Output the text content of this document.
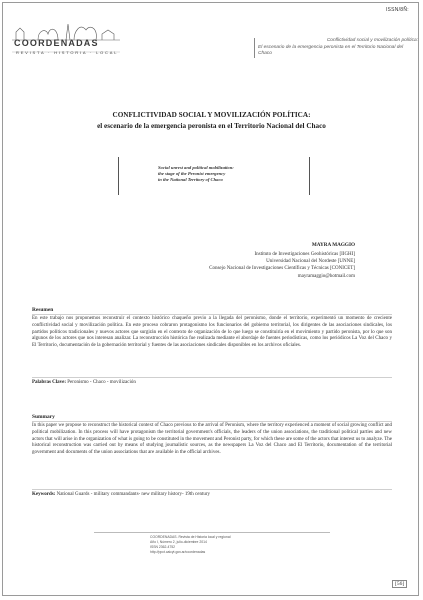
ISSN/8Ñ:
COORDENADAS
REVISTA · HISTORIA · LOCAL
Conflictividad social y movilización política:
El escenario de la emergencia peronista en el Territorio Nacional del Chaco
CONFLICTIVIDAD SOCIAL Y MOVILIZACIÓN POLÍTICA:
el escenario de la emergencia peronista en el Territorio Nacional del Chaco
Social unrest and political mobilization:
the stage of the Peronist emergency
in the National Territory of Chaco
MAYRA MAGGIO
Instituto de Investigaciones Geohistóricas [IIGHI]
Universidad Nacional del Nordeste [UNNE]
Consejo Nacional de Investigaciones Científicas y Técnicas [CONICET]
mayramaggio@hotmail.com
Resumen
En este trabajo nos proponemos reconstruir el contexto histórico chaqueño previo a la llegada del peronismo, donde el territorio, experimentó un momento de creciente conflictividad social y movilización política. En este proceso cobraron protagonismo los funcionarios del gobierno territorial, los dirigentes de las asociaciones sindicales, los partidos políticos tradicionales y nuevos actores que surgirán en el contexto de organización de lo que luego se constituiría en el movimiento y partido peronista, por lo que son algunos de los actores que nos interesan analizar. La reconstrucción histórica fue realizada mediante el abordaje de fuentes periodísticas, como los periódicos La Voz del Chaco y El Territorio, documentación de la gobernación territorial y fuentes de las asociaciones sindicales disponibles en los archivos oficiales.
Palabras Clave: Peronismo - Chaco - movilización
Summary
In this paper we propose to reconstruct the historical context of Chaco previous to the arrival of Peronism, where the territory experienced a moment of social growing conflict and political mobilization. In this process will have protagonism the territorial government's officials, the leaders of the union associations, the traditional political parties and new actors that will arise in the organization of what is going to be constituted in the movement and Peronist party, for which these are some of the actors that interest us to analyze. The historical reconstruction was carried out by means of studying journalistic sources, as the newspapers La Voz del Chaco and El Territorio, documentation of the territorial government and documents of the union associations that are available in the official archives.
Keywords: National Guards - military commandants- new military history- 19th century
COORDENADAS. Revista de Historia local y regional
Año I, Número 2, julio-diciembre 2014
ISSN 2362-4752
http://ppct.caicyt.gov.ar/coordenadas
[56]
